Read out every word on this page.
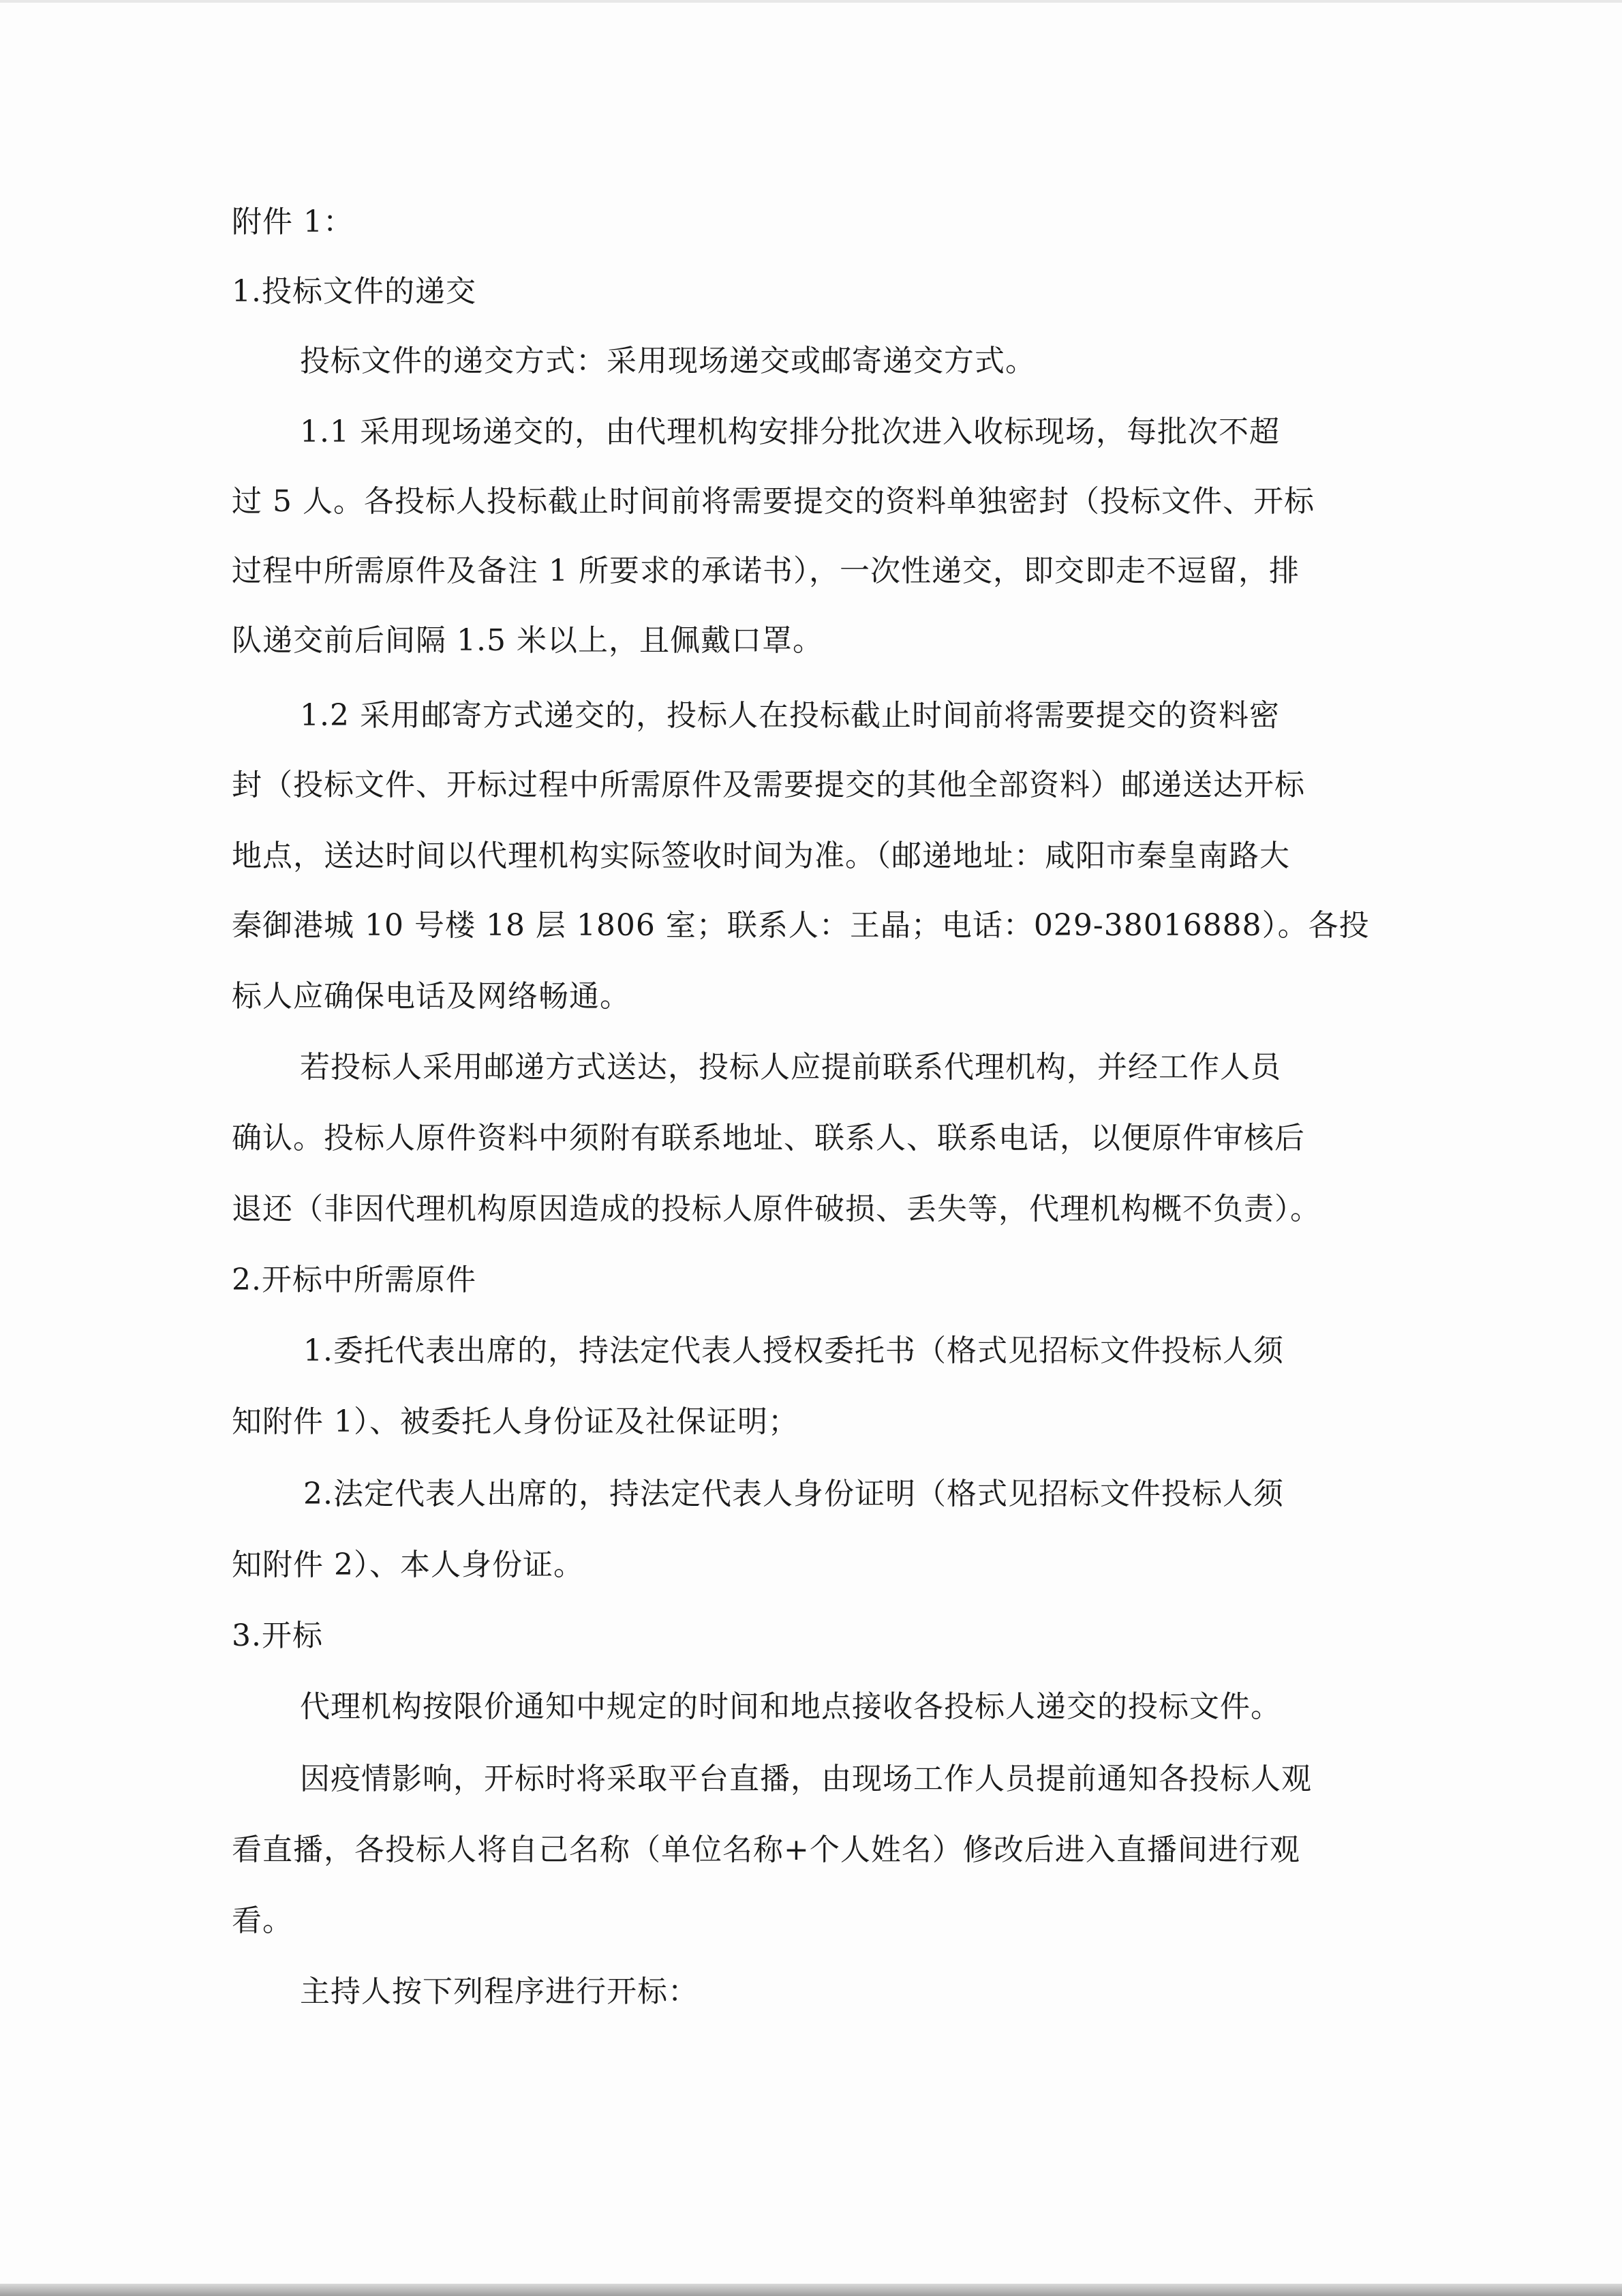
附件 1：
1.投标文件的递交
投标文件的递交方式：采用现场递交或邮寄递交方式。
1.1 采用现场递交的，由代理机构安排分批次进入收标现场，每批次不超
过 5 人。各投标人投标截止时间前将需要提交的资料单独密封（投标文件、开标
过程中所需原件及备注 1 所要求的承诺书），一次性递交，即交即走不逗留，排
队递交前后间隔 1.5 米以上，且佩戴口罩。
1.2 采用邮寄方式递交的，投标人在投标截止时间前将需要提交的资料密
封（投标文件、开标过程中所需原件及需要提交的其他全部资料）邮递送达开标
地点，送达时间以代理机构实际签收时间为准。（邮递地址：咸阳市秦皇南路大
秦御港城 10 号楼 18 层 1806 室；联系人：王晶；电话：029-38016888）。各投
标人应确保电话及网络畅通。
若投标人采用邮递方式送达，投标人应提前联系代理机构，并经工作人员
确认。投标人原件资料中须附有联系地址、联系人、联系电话，以便原件审核后
退还（非因代理机构原因造成的投标人原件破损、丢失等，代理机构概不负责）。
2.开标中所需原件
1.委托代表出席的，持法定代表人授权委托书（格式见招标文件投标人须
知附件 1）、被委托人身份证及社保证明；
2.法定代表人出席的，持法定代表人身份证明（格式见招标文件投标人须
知附件 2）、本人身份证。
3.开标
代理机构按限价通知中规定的时间和地点接收各投标人递交的投标文件。
因疫情影响，开标时将采取平台直播，由现场工作人员提前通知各投标人观
看直播，各投标人将自己名称（单位名称+个人姓名）修改后进入直播间进行观
看。
主持人按下列程序进行开标：
